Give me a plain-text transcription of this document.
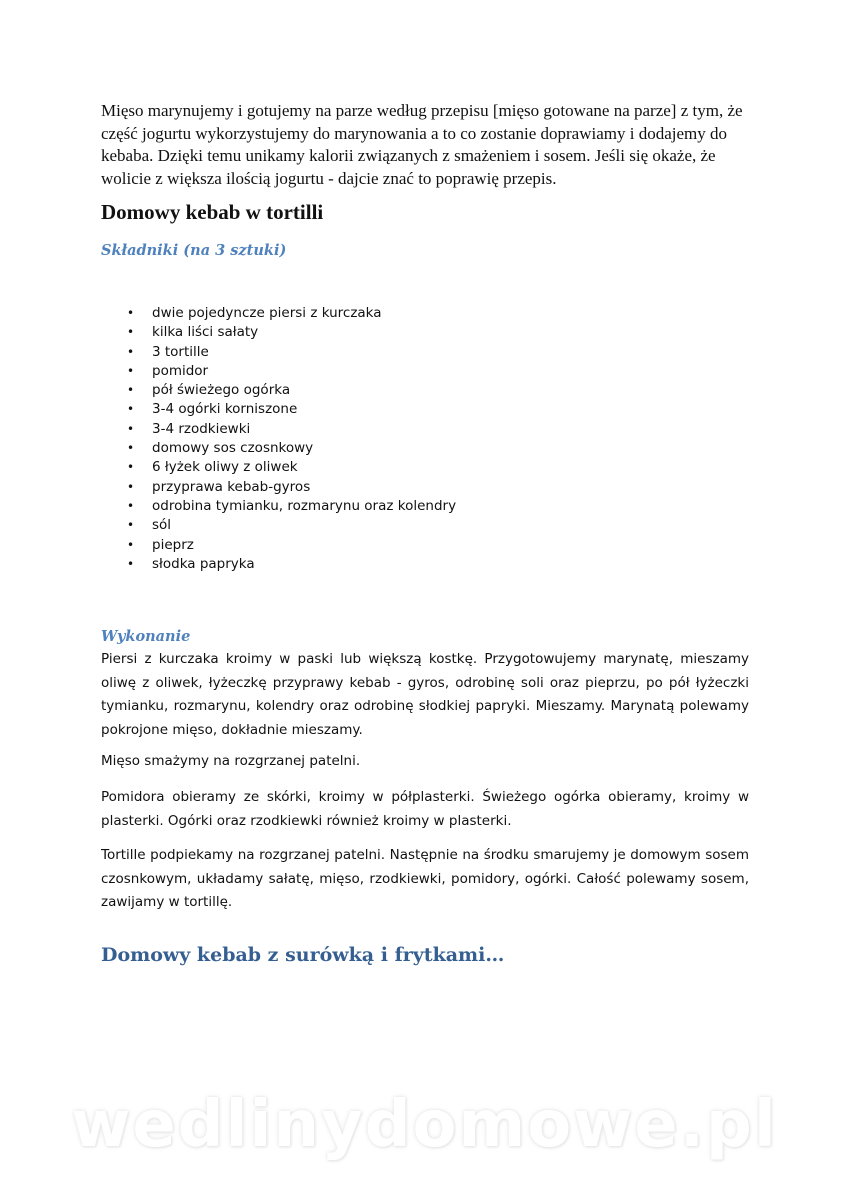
Mięso marynujemy i gotujemy na parze według przepisu [mięso gotowane na parze] z tym, że część jogurtu wykorzystujemy do marynowania a to co zostanie doprawiamy i dodajemy do kebaba. Dzięki temu unikamy kalorii związanych z smażeniem i sosem. Jeśli się okaże, że wolicie z większa ilością jogurtu - dajcie znać to poprawię przepis.

Domowy kebab w tortilli
Składniki (na 3 sztuki)
• dwie pojedyncze piersi z kurczaka
• kilka liści sałaty
• 3 tortille
• pomidor
• pół świeżego ogórka
• 3-4 ogórki korniszone
• 3-4 rzodkiewki
• domowy sos czosnkowy
• 6 łyżek oliwy z oliwek
• przyprawa kebab-gyros
• odrobina tymianku, rozmarynu oraz kolendry
• sól
• pieprz
• słodka papryka
Wykonanie

Piersi z kurczaka kroimy w paski lub większą kostkę. Przygotowujemy marynatę, mieszamy oliwę z oliwek, łyżeczkę przyprawy kebab - gyros, odrobinę soli oraz pieprzu, po pół łyżeczki tymianku, rozmarynu, kolendry oraz odrobinę słodkiej papryki. Mieszamy. Marynatą polewamy pokrojone mięso, dokładnie mieszamy.

Mięso smażymy na rozgrzanej patelni.

Pomidora obieramy ze skórki, kroimy w półplasterki. Świeżego ogórka obieramy, kroimy w plasterki. Ogórki oraz rzodkiewki również kroimy w plasterki.

Tortille podpiekamy na rozgrzanej patelni. Następnie na środku smarujemy je domowym sosem czosnkowym, układamy sałatę, mięso, rzodkiewki, pomidory, ogórki. Całość polewamy sosem, zawijamy w tortillę.

Domowy kebab z surówką i frytkami…
wedlinydomowe.pl
